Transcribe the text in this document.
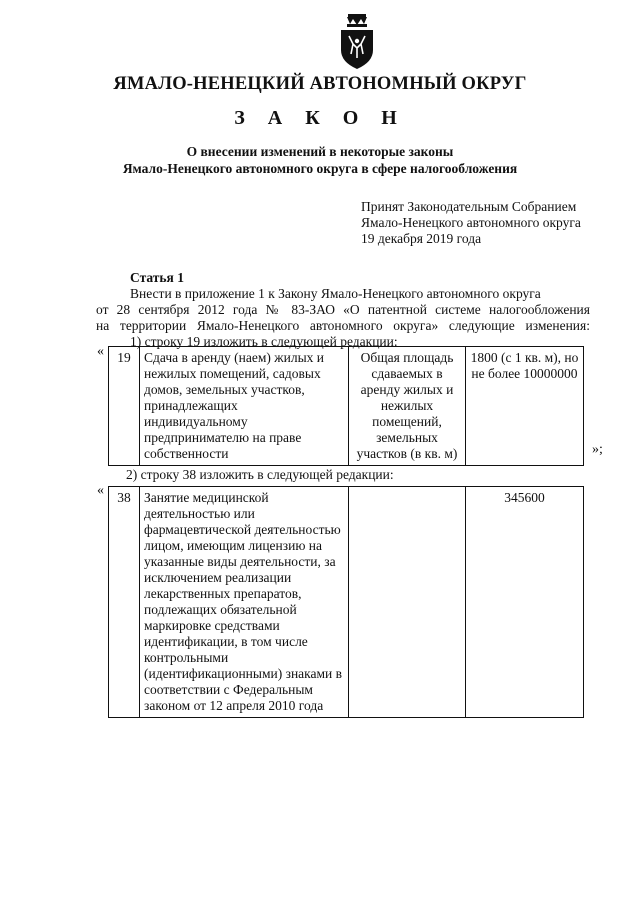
ЯМАЛО-НЕНЕЦКИЙ АВТОНОМНЫЙ ОКРУГ
З А К О Н
О внесении изменений в некоторые законы
Ямало-Ненецкого автономного округа в сфере налогообложения
Принят Законодательным Собранием
Ямало-Ненецкого автономного округа
19 декабря 2019 года
Статья 1
Внести в приложение 1 к Закону Ямало-Ненецкого автономного округа
от 28 сентября 2012 года № 83-ЗАО «О патентной системе налогообложения
на территории Ямало-Ненецкого автономного округа» следующие изменения:
1) строку 19 изложить в следующей редакции:
« 19	Сдача в аренду (наем) жилых и нежилых помещений, садовых домов, земельных участков, принадлежащих индивидуальному предпринимателю на праве собственности	Общая площадь сдаваемых в аренду жилых и нежилых помещений, земельных участков (в кв. м)	1800 (с 1 кв. м), но не более 10000000
»;
2) строку 38 изложить в следующей редакции:
« 38	Занятие медицинской деятельностью или фармацевтической деятельностью лицом, имеющим лицензию на указанные виды деятельности, за исключением реализации лекарственных препаратов, подлежащих обязательной маркировке средствами идентификации, в том числе контрольными (идентификационными) знаками в соответствии с Федеральным законом от 12 апреля 2010 года		345600
